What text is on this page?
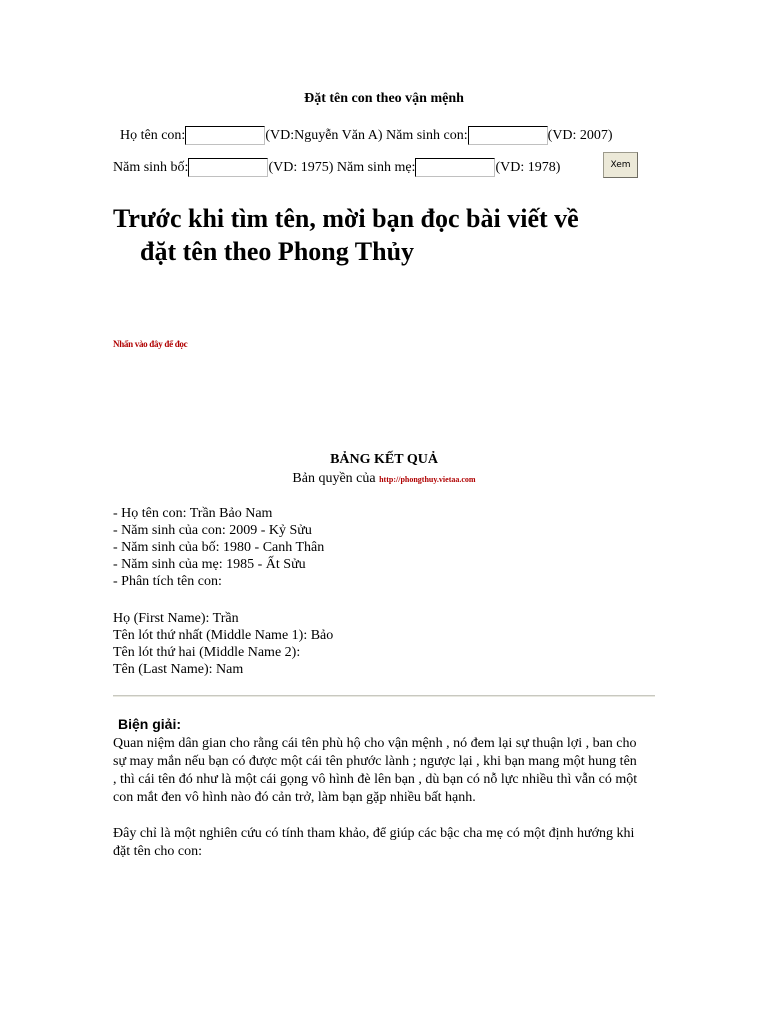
Đặt tên con theo vận mệnh
Họ tên con:	(VD:Nguyễn Văn A)
Năm sinh con:	(VD: 2007)
Năm sinh bố:	(VD: 1975)
Năm sinh mẹ:	(VD: 1978)	Xem
Trước khi tìm tên, mời bạn đọc bài viết về
đặt tên theo Phong Thủy
Nhấn vào đây để đọc
BẢNG KẾT QUẢ
Bản quyền của http://phongthuy.vietaa.com
- Họ tên con: Trần Bảo Nam
- Năm sinh của con: 2009 - Kỷ Sửu
- Năm sinh của bố: 1980 - Canh Thân
- Năm sinh của mẹ: 1985 - Ất Sửu
- Phân tích tên con:
Họ (First Name): Trần
Tên lót thứ nhất (Middle Name 1): Bảo
Tên lót thứ hai (Middle Name 2):
Tên (Last Name): Nam
Biện giải:

Quan niệm dân gian cho rằng cái tên phù hộ cho vận mệnh , nó đem lại sự thuận lợi , ban cho sự may mắn nếu bạn có được một cái tên phước lành ; ngược lại , khi bạn mang một hung tên , thì cái tên đó như là một cái gọng vô hình đè lên bạn , dù bạn có nỗ lực nhiều thì vẫn có một con mắt đen vô hình nào đó cản trở, làm bạn gặp nhiều bất hạnh.

Đây chỉ là một nghiên cứu có tính tham khảo, để giúp các bậc cha mẹ có một định hướng khi đặt tên cho con:
